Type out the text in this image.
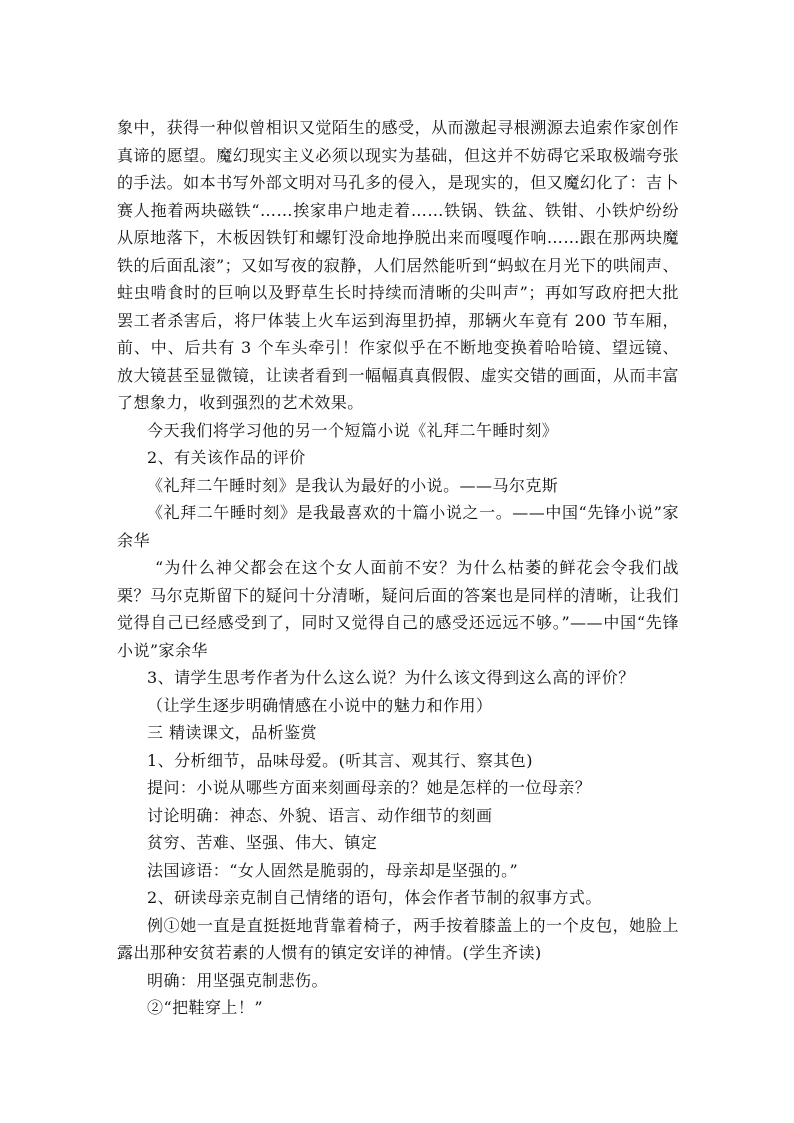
象中，获得一种似曾相识又觉陌生的感受，从而激起寻根溯源去追索作家创作真谛的愿望。魔幻现实主义必须以现实为基础，但这并不妨碍它采取极端夸张的手法。如本书写外部文明对马孔多的侵入，是现实的，但又魔幻化了：吉卜赛人拖着两块磁铁“……挨家串户地走着……铁锅、铁盆、铁钳、小铁炉纷纷从原地落下，木板因铁钉和螺钉没命地挣脱出来而嘎嘎作响……跟在那两块魔铁的后面乱滚”；又如写夜的寂静，人们居然能听到“蚂蚁在月光下的哄闹声、蛀虫啃食时的巨响以及野草生长时持续而清晰的尖叫声”；再如写政府把大批罢工者杀害后，将尸体装上火车运到海里扔掉，那辆火车竟有 200 节车厢，前、中、后共有 3 个车头牵引！作家似乎在不断地变换着哈哈镜、望远镜、放大镜甚至显微镜，让读者看到一幅幅真真假假、虚实交错的画面，从而丰富了想象力，收到强烈的艺术效果。

今天我们将学习他的另一个短篇小说《礼拜二午睡时刻》

2、有关该作品的评价

《礼拜二午睡时刻》是我认为最好的小说。——马尔克斯

《礼拜二午睡时刻》是我最喜欢的十篇小说之一。——中国“先锋小说”家余华

“为什么神父都会在这个女人面前不安？为什么枯萎的鲜花会令我们战栗？马尔克斯留下的疑问十分清晰，疑问后面的答案也是同样的清晰，让我们觉得自己已经感受到了，同时又觉得自己的感受还远远不够。”——中国“先锋小说”家余华

3、请学生思考作者为什么这么说？为什么该文得到这么高的评价？

（让学生逐步明确情感在小说中的魅力和作用）

三 精读课文，品析鉴赏

1、分析细节，品味母爱。(听其言、观其行、察其色)

提问：小说从哪些方面来刻画母亲的？她是怎样的一位母亲？

讨论明确：神态、外貌、语言、动作细节的刻画

贫穷、苦难、坚强、伟大、镇定

法国谚语：“女人固然是脆弱的，母亲却是坚强的。”

2、研读母亲克制自己情绪的语句，体会作者节制的叙事方式。

例①她一直是直挺挺地背靠着椅子，两手按着膝盖上的一个皮包，她脸上露出那种安贫若素的人惯有的镇定安详的神情。(学生齐读)

明确：用坚强克制悲伤。

②“把鞋穿上！”
